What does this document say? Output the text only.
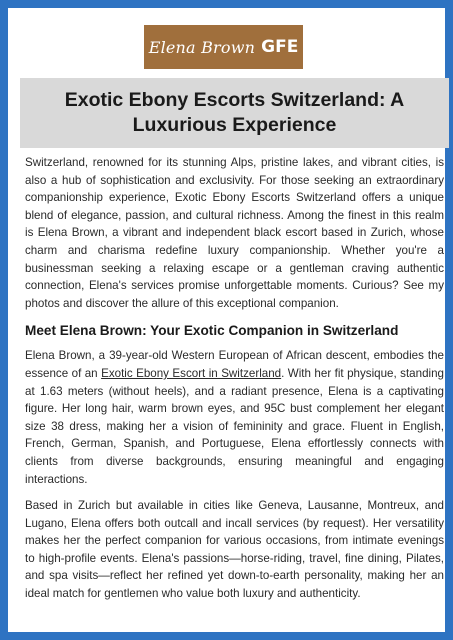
Elena Brown GFE
Exotic Ebony Escorts Switzerland: A Luxurious Experience

Switzerland, renowned for its stunning Alps, pristine lakes, and vibrant cities, is also a hub of sophistication and exclusivity. For those seeking an extraordinary companionship experience, Exotic Ebony Escorts Switzerland offers a unique blend of elegance, passion, and cultural richness. Among the finest in this realm is Elena Brown, a vibrant and independent black escort based in Zurich, whose charm and charisma redefine luxury companionship. Whether you're a businessman seeking a relaxing escape or a gentleman craving authentic connection, Elena's services promise unforgettable moments. Curious? See my photos and discover the allure of this exceptional companion.

Meet Elena Brown: Your Exotic Companion in Switzerland

Elena Brown, a 39-year-old Western European of African descent, embodies the essence of an Exotic Ebony Escort in Switzerland. With her fit physique, standing at 1.63 meters (without heels), and a radiant presence, Elena is a captivating figure. Her long hair, warm brown eyes, and 95C bust complement her elegant size 38 dress, making her a vision of femininity and grace. Fluent in English, French, German, Spanish, and Portuguese, Elena effortlessly connects with clients from diverse backgrounds, ensuring meaningful and engaging interactions.

Based in Zurich but available in cities like Geneva, Lausanne, Montreux, and Lugano, Elena offers both outcall and incall services (by request). Her versatility makes her the perfect companion for various occasions, from intimate evenings to high-profile events. Elena's passions—horse-riding, travel, fine dining, Pilates, and spa visits—reflect her refined yet down-to-earth personality, making her an ideal match for gentlemen who value both luxury and authenticity.
